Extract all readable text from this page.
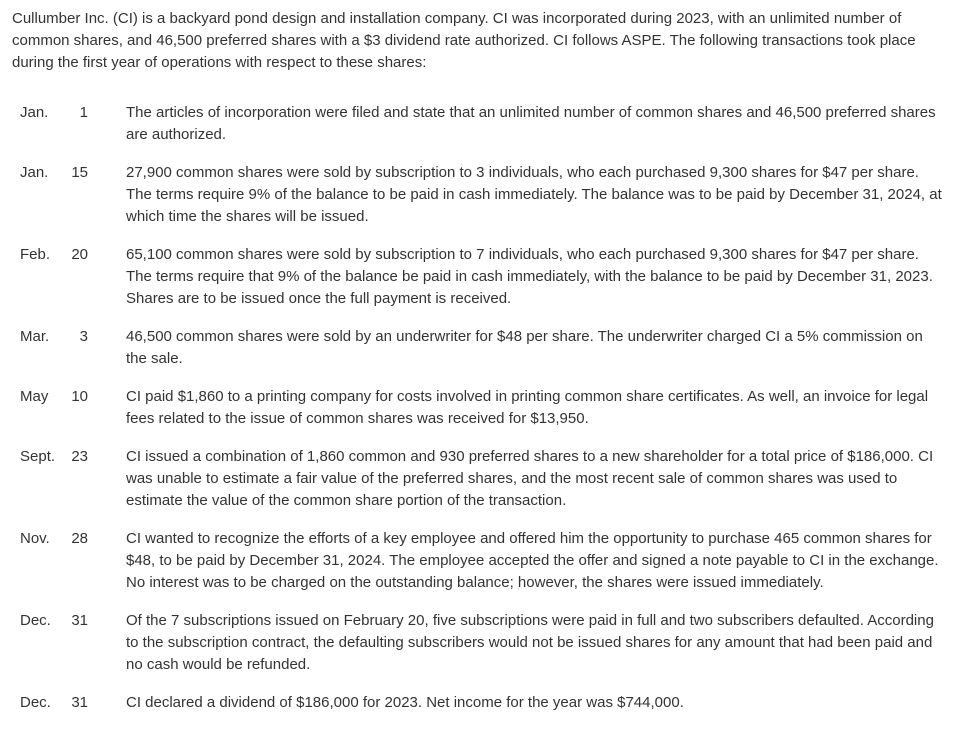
Cullumber Inc. (CI) is a backyard pond design and installation company. CI was incorporated during 2023, with an unlimited number of common shares, and 46,500 preferred shares with a $3 dividend rate authorized. CI follows ASPE. The following transactions took place during the first year of operations with respect to these shares:

Jan.	1	The articles of incorporation were filed and state that an unlimited number of common shares and 46,500 preferred shares are authorized.
Jan.	15	27,900 common shares were sold by subscription to 3 individuals, who each purchased 9,300 shares for $47 per share. The terms require 9% of the balance to be paid in cash immediately. The balance was to be paid by December 31, 2024, at which time the shares will be issued.
Feb.	20	65,100 common shares were sold by subscription to 7 individuals, who each purchased 9,300 shares for $47 per share. The terms require that 9% of the balance be paid in cash immediately, with the balance to be paid by December 31, 2023. Shares are to be issued once the full payment is received.
Mar.	3	46,500 common shares were sold by an underwriter for $48 per share. The underwriter charged CI a 5% commission on the sale.
May	10	CI paid $1,860 to a printing company for costs involved in printing common share certificates. As well, an invoice for legal fees related to the issue of common shares was received for $13,950.
Sept.	23	CI issued a combination of 1,860 common and 930 preferred shares to a new shareholder for a total price of $186,000. CI was unable to estimate a fair value of the preferred shares, and the most recent sale of common shares was used to estimate the value of the common share portion of the transaction.
Nov.	28	CI wanted to recognize the efforts of a key employee and offered him the opportunity to purchase 465 common shares for $48, to be paid by December 31, 2024. The employee accepted the offer and signed a note payable to CI in the exchange. No interest was to be charged on the outstanding balance; however, the shares were issued immediately.
Dec.	31	Of the 7 subscriptions issued on February 20, five subscriptions were paid in full and two subscribers defaulted. According to the subscription contract, the defaulting subscribers would not be issued shares for any amount that had been paid and no cash would be refunded.
Dec.	31	CI declared a dividend of $186,000 for 2023. Net income for the year was $744,000.
